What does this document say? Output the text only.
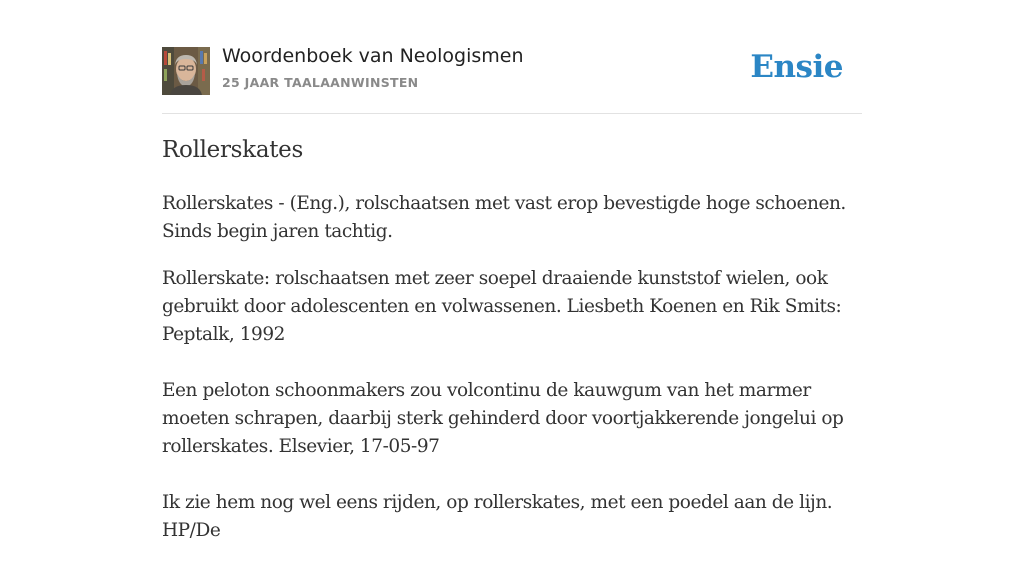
Woordenboek van Neologismen
25 JAAR TAALAANWINSTEN	Ensie
Rollerskates

Rollerskates - (Eng.), rolschaatsen met vast erop bevestigde hoge schoenen. Sinds begin jaren tachtig.

Rollerskate: rolschaatsen met zeer soepel draaiende kunststof wielen, ook gebruikt door adolescenten en volwassenen. Liesbeth Koenen en Rik Smits: Peptalk, 1992

Een peloton schoonmakers zou volcontinu de kauwgum van het marmer moeten schrapen, daarbij sterk gehinderd door voortjakkerende jongelui op rollerskates. Elsevier, 17-05-97

Ik zie hem nog wel eens rijden, op rollerskates, met een poedel aan de lijn. HP/De
